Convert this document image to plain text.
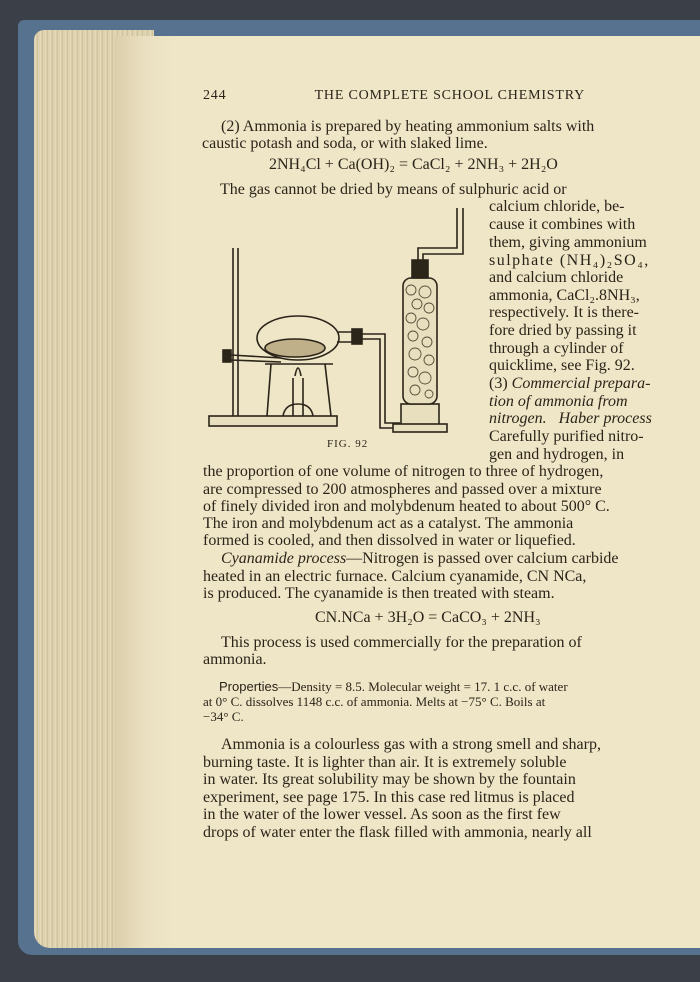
244	THE COMPLETE SCHOOL CHEMISTRY
(2) Ammonia is prepared by heating ammonium salts with
caustic potash and soda, or with slaked lime.
2NH₄Cl + Ca(OH)₂ = CaCl₂ + 2NH₃ + 2H₂O
The gas cannot be dried by means of sulphuric acid or
calcium chloride, be-
cause it combines with
them, giving ammonium
sulphate (NH₄)₂SO₄,
and calcium chloride
ammonia, CaCl₂.8NH₃,
respectively. It is there-
fore dried by passing it
through a cylinder of
quicklime, see Fig. 92.
(3) Commercial prepara-
tion of ammonia from
nitrogen. Haber process
Carefully purified nitro-
gen and hydrogen, in
FIG. 92
the proportion of one volume of nitrogen to three of hydrogen,
are compressed to 200 atmospheres and passed over a mixture
of finely divided iron and molybdenum heated to about 500° C.
The iron and molybdenum act as a catalyst. The ammonia
formed is cooled, and then dissolved in water or liquefied.
Cyanamide process—Nitrogen is passed over calcium carbide
heated in an electric furnace. Calcium cyanamide, CN NCa,
is produced. The cyanamide is then treated with steam.
CN.NCa + 3H₂O = CaCO₃ + 2NH₃
This process is used commercially for the preparation of
ammonia.
Properties—Density = 8.5. Molecular weight = 17. 1 c.c. of water
at 0° C. dissolves 1148 c.c. of ammonia. Melts at −75° C. Boils at
−34° C.
Ammonia is a colourless gas with a strong smell and sharp,
burning taste. It is lighter than air. It is extremely soluble
in water. Its great solubility may be shown by the fountain
experiment, see page 175. In this case red litmus is placed
in the water of the lower vessel. As soon as the first few
drops of water enter the flask filled with ammonia, nearly all
